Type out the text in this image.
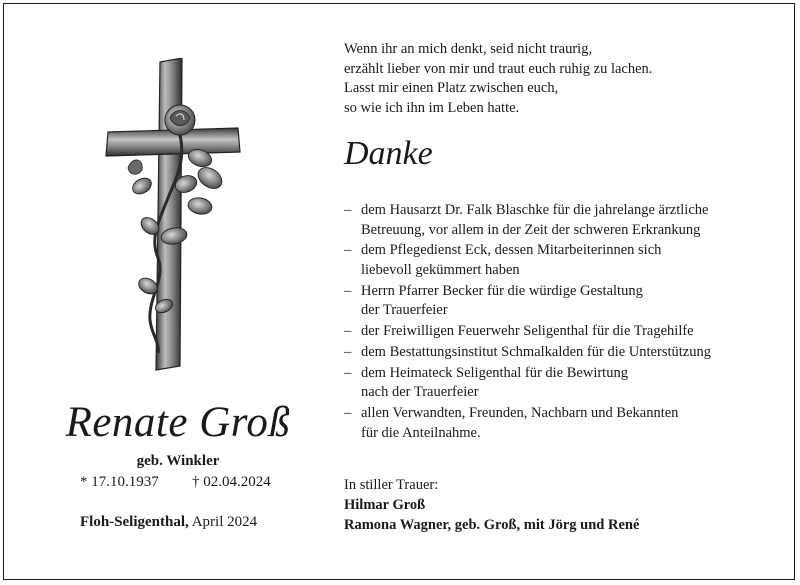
Renate Groß
geb. Winkler
* 17.10.1937 † 02.04.2024
Floh-Seligenthal, April 2024
Wenn ihr an mich denkt, seid nicht traurig,
erzählt lieber von mir und traut euch ruhig zu lachen.
Lasst mir einen Platz zwischen euch,
so wie ich ihn im Leben hatte.
Danke
– dem Hausarzt Dr. Falk Blaschke für die jahrelange ärztliche
Betreuung, vor allem in der Zeit der schweren Erkrankung
– dem Pflegedienst Eck, dessen Mitarbeiterinnen sich
liebevoll gekümmert haben
– Herrn Pfarrer Becker für die würdige Gestaltung
der Trauerfeier
– der Freiwilligen Feuerwehr Seligenthal für die Tragehilfe
– dem Bestattungsinstitut Schmalkalden für die Unterstützung
– dem Heimateck Seligenthal für die Bewirtung
nach der Trauerfeier
– allen Verwandten, Freunden, Nachbarn und Bekannten
für die Anteilnahme.
In stiller Trauer:
Hilmar Groß
Ramona Wagner, geb. Groß, mit Jörg und René
